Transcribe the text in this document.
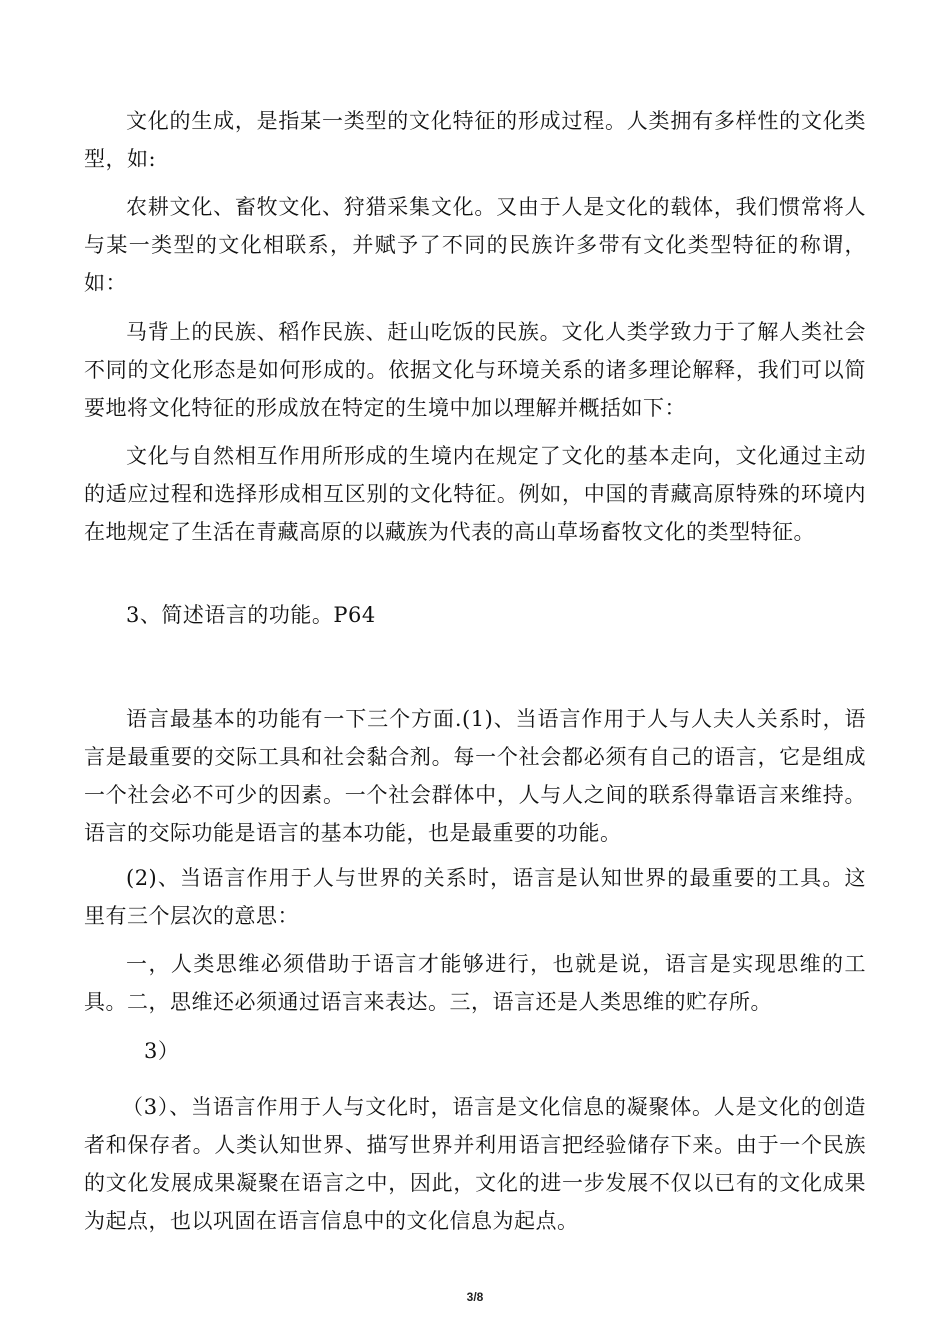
文化的生成，是指某一类型的文化特征的形成过程。人类拥有多样性的文化类型，如:

农耕文化、畜牧文化、狩猎采集文化。又由于人是文化的载体，我们惯常将人与某一类型的文化相联系，并赋予了不同的民族许多带有文化类型特征的称谓，如：

马背上的民族、稻作民族、赶山吃饭的民族。文化人类学致力于了解人类社会不同的文化形态是如何形成的。依据文化与环境关系的诸多理论解释，我们可以简要地将文化特征的形成放在特定的生境中加以理解并概括如下：

文化与自然相互作用所形成的生境内在规定了文化的基本走向，文化通过主动的适应过程和选择形成相互区别的文化特征。例如，中国的青藏高原特殊的环境内在地规定了生活在青藏高原的以藏族为代表的高山草场畜牧文化的类型特征。

3、简述语言的功能。P64

语言最基本的功能有一下三个方面.(1)、当语言作用于人与人夫人关系时，语言是最重要的交际工具和社会黏合剂。每一个社会都必须有自己的语言，它是组成一个社会必不可少的因素。一个社会群体中，人与人之间的联系得靠语言来维持。语言的交际功能是语言的基本功能，也是最重要的功能。

(2)、当语言作用于人与世界的关系时，语言是认知世界的最重要的工具。这里有三个层次的意思：

一，人类思维必须借助于语言才能够进行，也就是说，语言是实现思维的工具。二，思维还必须通过语言来表达。三，语言还是人类思维的贮存所。

3）

（3）、当语言作用于人与文化时，语言是文化信息的凝聚体。人是文化的创造者和保存者。人类认知世界、描写世界并利用语言把经验储存下来。由于一个民族的文化发展成果凝聚在语言之中，因此，文化的进一步发展不仅以已有的文化成果为起点，也以巩固在语言信息中的文化信息为起点。

3/8
